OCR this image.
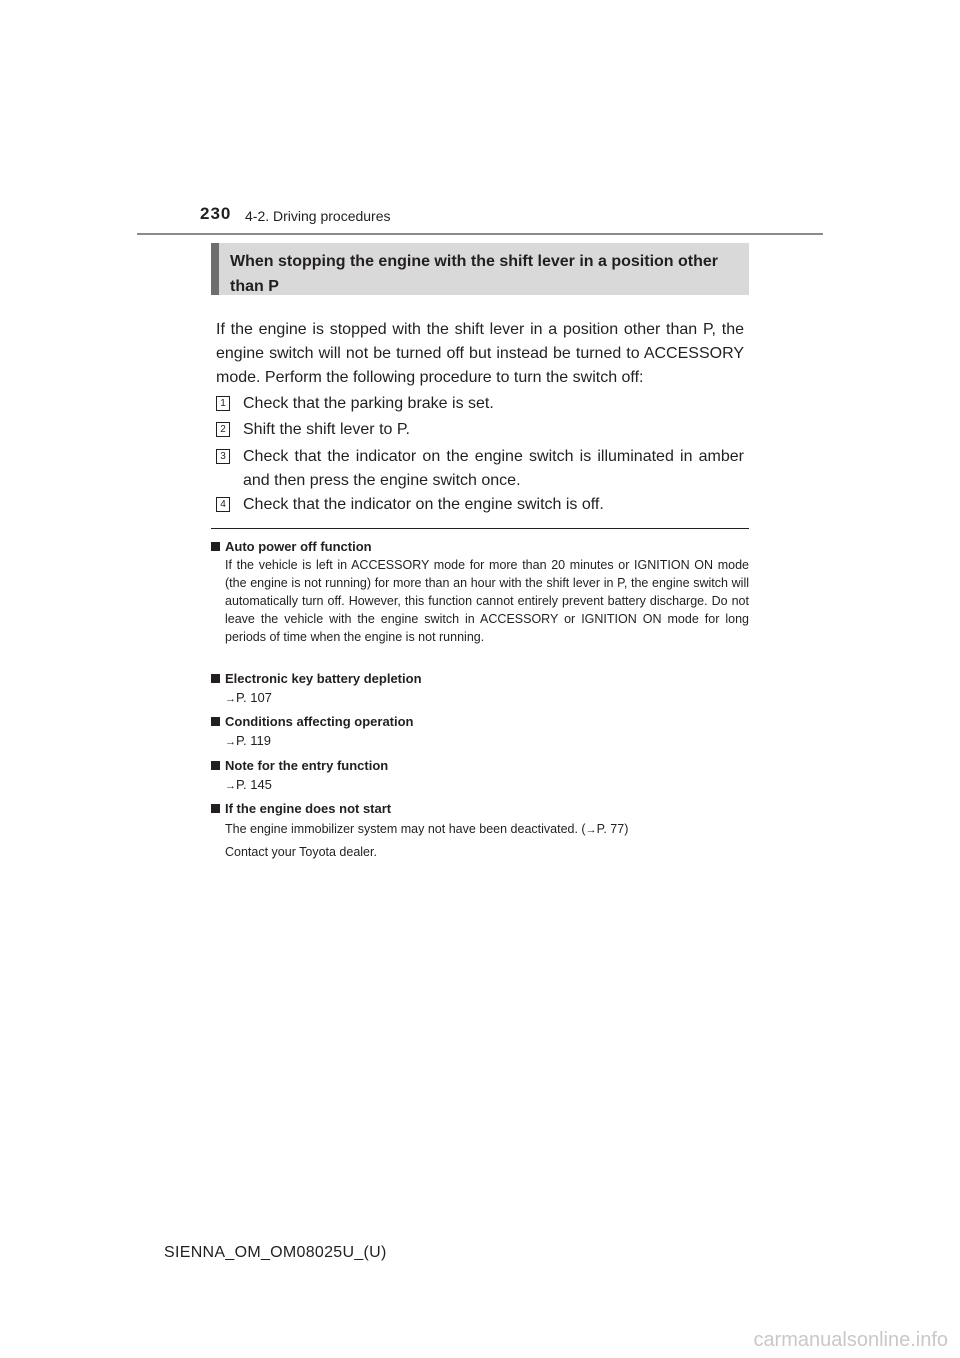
230 4-2. Driving procedures
When stopping the engine with the shift lever in a position other than P
If the engine is stopped with the shift lever in a position other than P, the engine switch will not be turned off but instead be turned to ACCESSORY mode. Perform the following procedure to turn the switch off:
1 Check that the parking brake is set.
2 Shift the shift lever to P.
3 Check that the indicator on the engine switch is illuminated in amber and then press the engine switch once.
4 Check that the indicator on the engine switch is off.
Auto power off function
If the vehicle is left in ACCESSORY mode for more than 20 minutes or IGNITION ON mode (the engine is not running) for more than an hour with the shift lever in P, the engine switch will automatically turn off. However, this function cannot entirely prevent battery discharge. Do not leave the vehicle with the engine switch in ACCESSORY or IGNITION ON mode for long periods of time when the engine is not running.
Electronic key battery depletion
→P. 107
Conditions affecting operation
→P. 119
Note for the entry function
→P. 145
If the engine does not start
The engine immobilizer system may not have been deactivated. (→P. 77)
Contact your Toyota dealer.
SIENNA_OM_OM08025U_(U)
carmanualsonline.info
